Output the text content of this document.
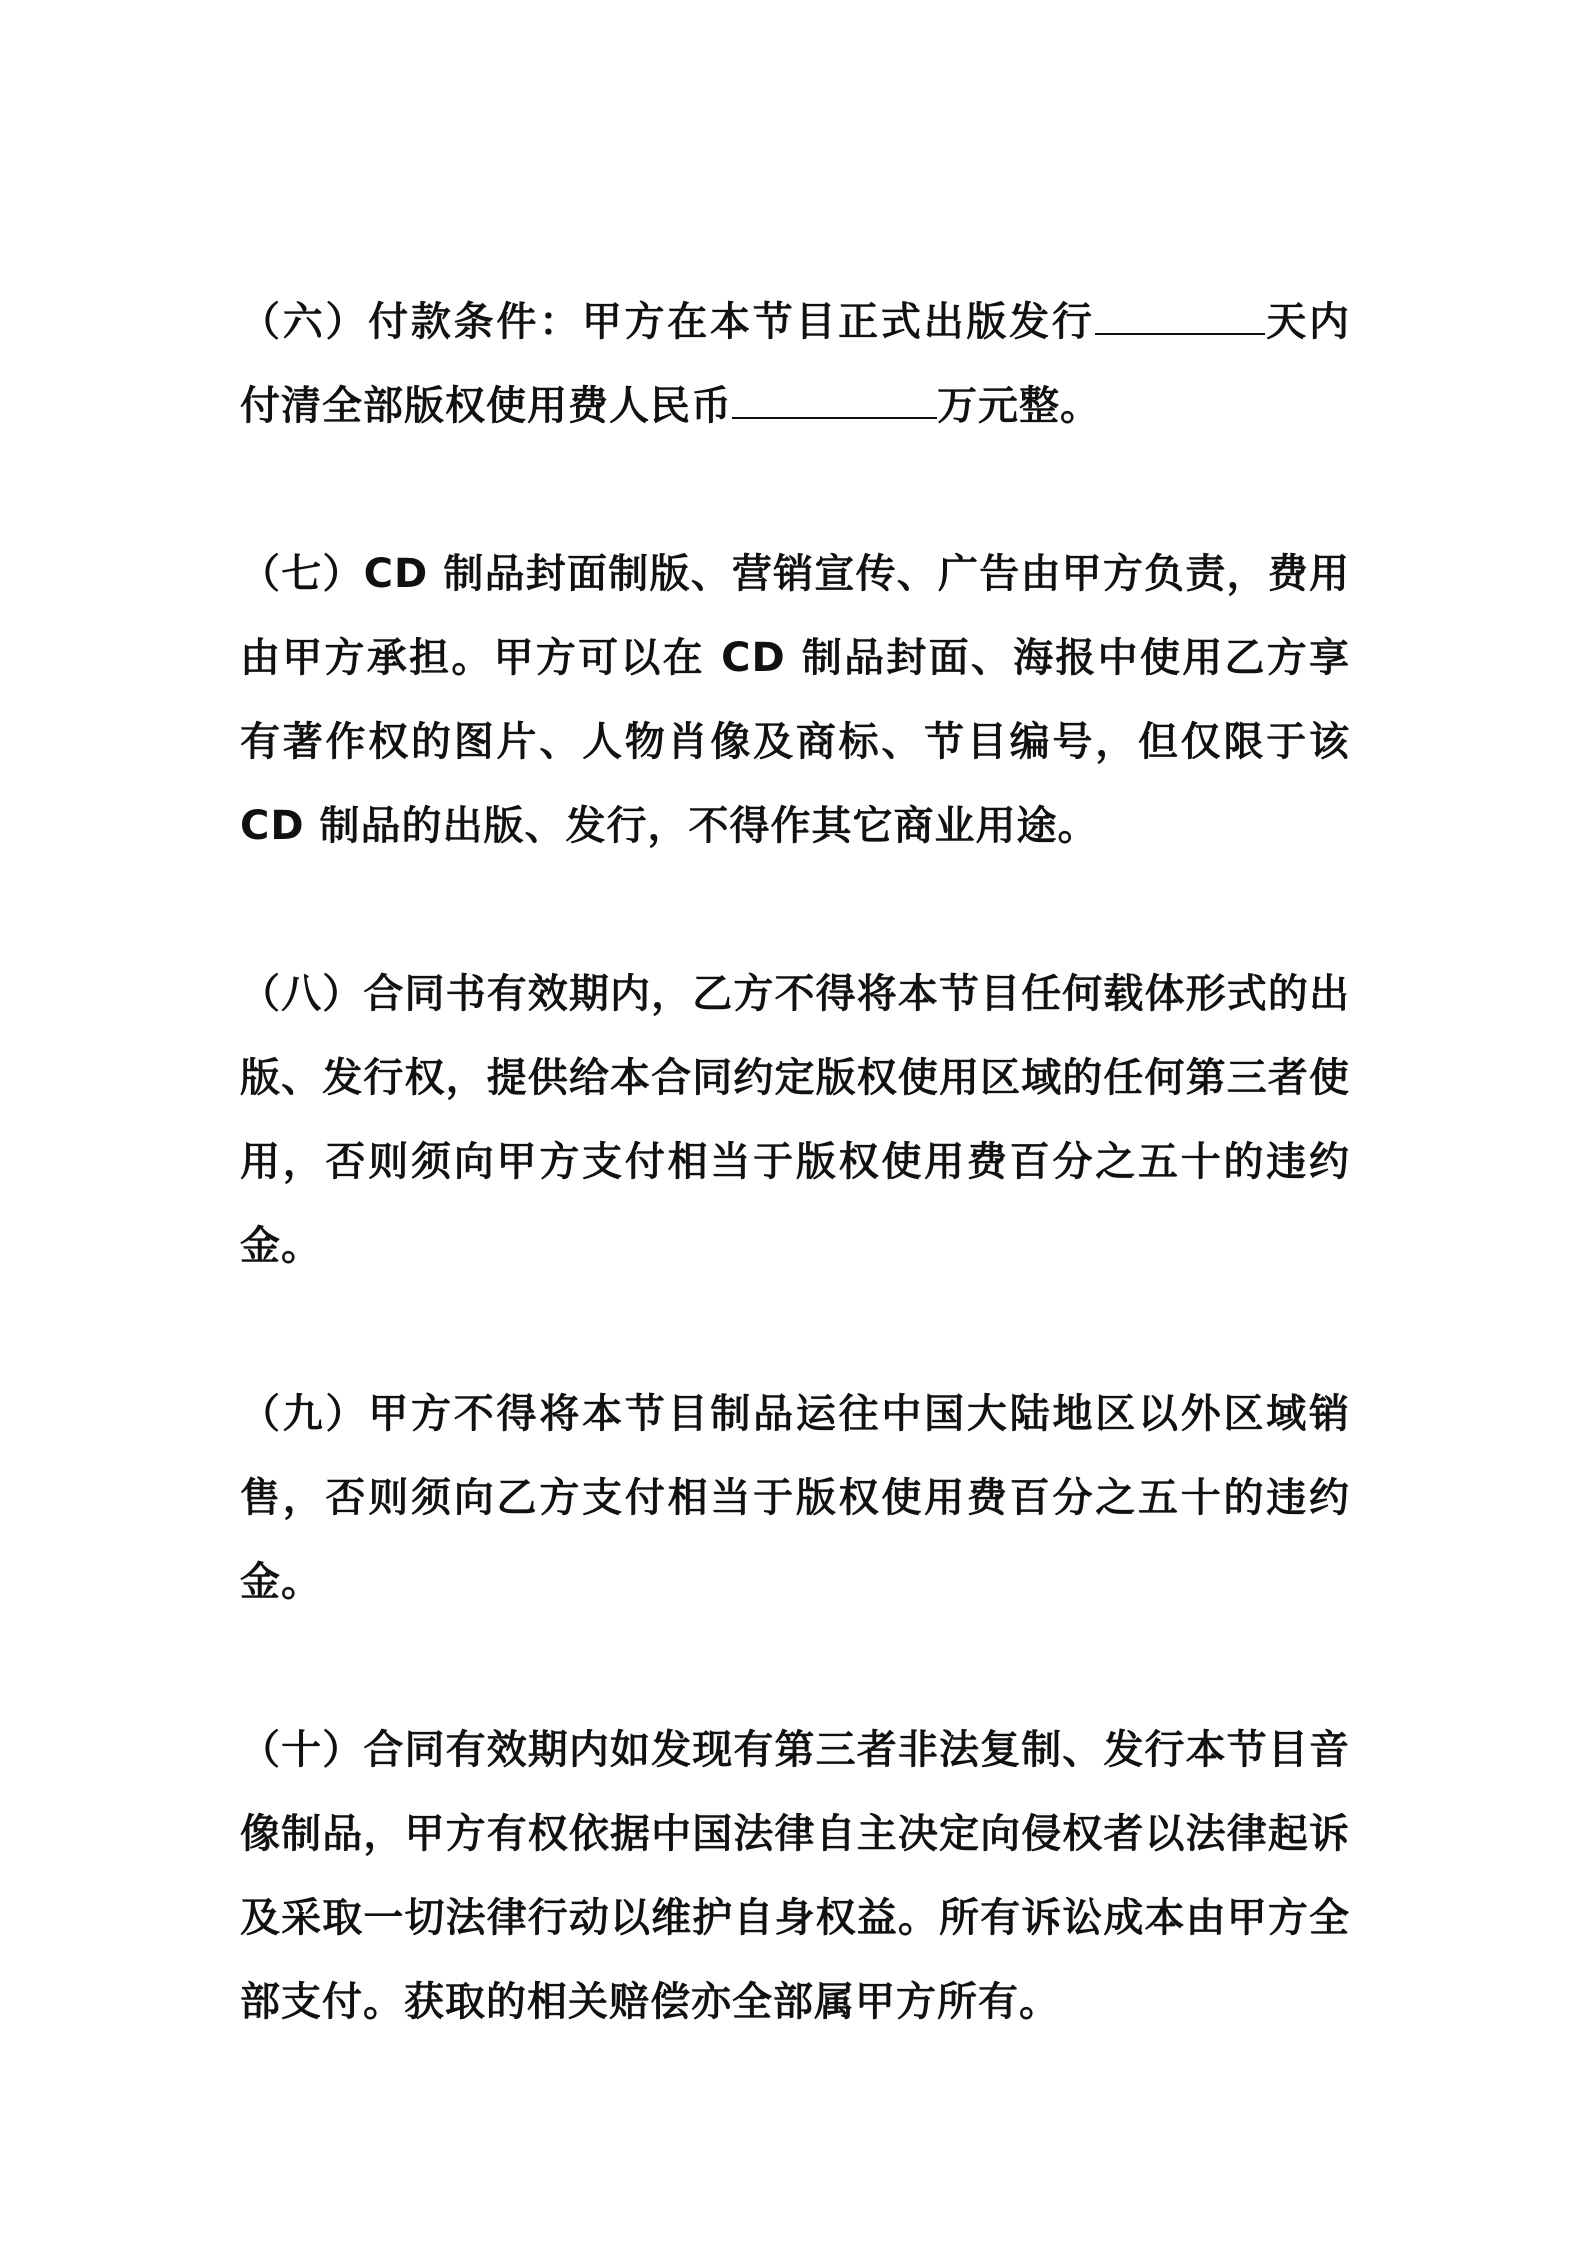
（六）付款条件：甲方在本节目正式出版发行	天内付清全部版权使用费人民币	万元整。

（七）CD 制品封面制版、营销宣传、广告由甲方负责，费用由甲方承担。甲方可以在 CD 制品封面、海报中使用乙方享有著作权的图片、人物肖像及商标、节目编号，但仅限于该 CD 制品的出版、发行，不得作其它商业用途。

（八）合同书有效期内，乙方不得将本节目任何载体形式的出版、发行权，提供给本合同约定版权使用区域的任何第三者使用，否则须向甲方支付相当于版权使用费百分之五十的违约金。

（九）甲方不得将本节目制品运往中国大陆地区以外区域销售，否则须向乙方支付相当于版权使用费百分之五十的违约金。

（十）合同有效期内如发现有第三者非法复制、发行本节目音像制品，甲方有权依据中国法律自主决定向侵权者以法律起诉及采取一切法律行动以维护自身权益。所有诉讼成本由甲方全部支付。获取的相关赔偿亦全部属甲方所有。
